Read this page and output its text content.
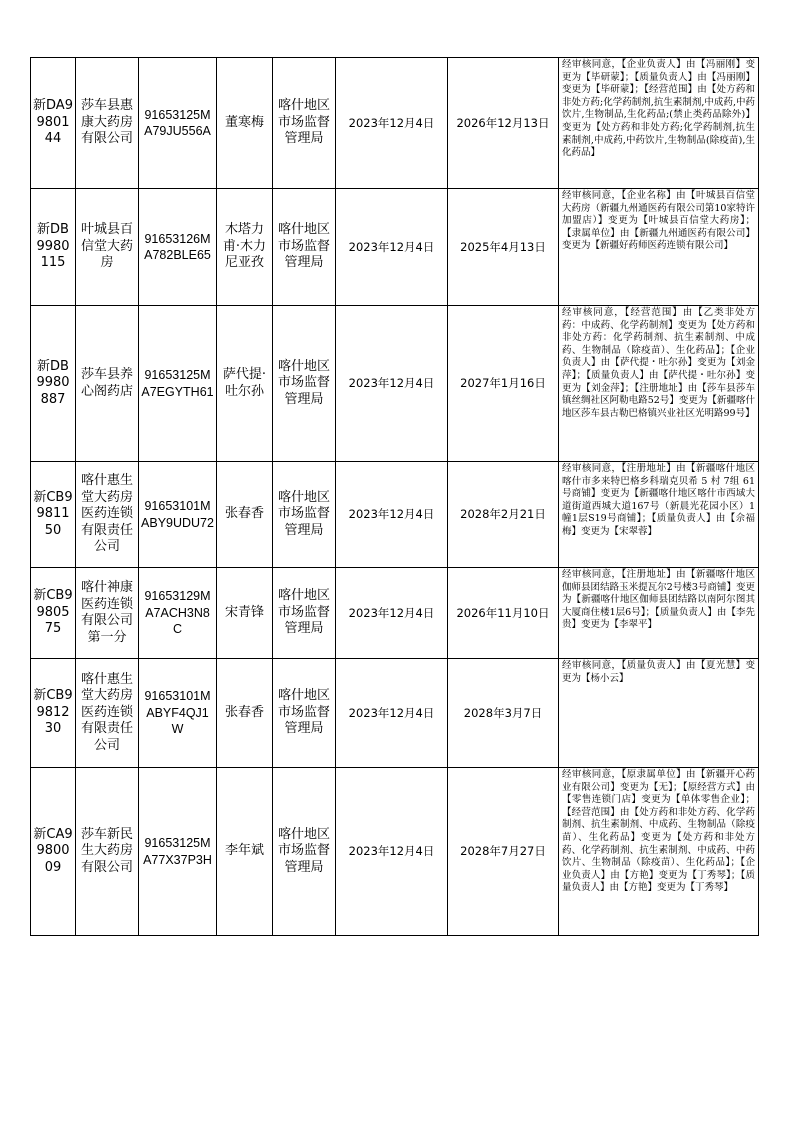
新DA9980144	莎车县惠康大药房有限公司	91653125MA79JU556A	董寒梅	喀什地区市场监督管理局	2023年12月4日	2026年12月13日	经审核同意，【企业负责人】由【冯丽刚】变更为【毕研蒙】；【质量负责人】由【冯丽刚】变更为【毕研蒙】；【经营范围】由【处方药和非处方药;化学药制剂,抗生素制剂,中成药,中药饮片,生物制品,生化药品;(禁止类药品除外)】变更为【处方药和非处方药;化学药制剂,抗生素制剂,中成药,中药饮片,生物制品(除疫苗),生化药品】
新DB9980115	叶城县百信堂大药房	91653126MA782BLE65	木塔力甫·木力尼亚孜	喀什地区市场监督管理局	2023年12月4日	2025年4月13日	经审核同意，【企业名称】由【叶城县百信堂大药房（新疆九州通医药有限公司第10家特许加盟店）】变更为【叶城县百信堂大药房】；【隶属单位】由【新疆九州通医药有限公司】变更为【新疆好药师医药连锁有限公司】
新DB9980887	莎车县养心阁药店	91653125MA7EGYTH61	萨代提·吐尔孙	喀什地区市场监督管理局	2023年12月4日	2027年1月16日	经审核同意，【经营范围】由【乙类非处方药：中成药、化学药制剂】变更为【处方药和非处方药：化学药制剂、抗生素制剂、中成药、生物制品（除疫苗）、生化药品】；【企业负责人】由【萨代提・吐尔孙】变更为【刘金萍】；【质量负责人】由【萨代提・吐尔孙】变更为【刘金萍】；【注册地址】由【莎车县莎车镇丝绸社区阿勒电路52号】变更为【新疆喀什地区莎车县古勒巴格镇兴业社区光明路99号】
新CB9981150	喀什惠生堂大药房医药连锁有限责任公司	91653101MABY9UDU72	张春香	喀什地区市场监督管理局	2023年12月4日	2028年2月21日	经审核同意，【注册地址】由【新疆喀什地区喀什市多来特巴格乡科瑞克贝希 5 村 7组 61 号商铺】变更为【新疆喀什地区喀什市西域大道街道西城大道167号（新晨光花园小区）1幢1层S19号商铺】；【质量负责人】由【佘福梅】变更为【宋翠蓉】
新CB9980575	喀什神康医药连锁有限公司第一分	91653129MA7ACH3N8C	宋青锋	喀什地区市场监督管理局	2023年12月4日	2026年11月10日	经审核同意，【注册地址】由【新疆喀什地区伽师县团结路玉米提瓦尔2号楼3号商铺】变更为【新疆喀什地区伽师县团结路以南阿尔图其大厦商住楼1层6号】；【质量负责人】由【李先贵】变更为【李翠平】
新CB9981230	喀什惠生堂大药房医药连锁有限责任公司	91653101MABYF4QJ1W	张春香	喀什地区市场监督管理局	2023年12月4日	2028年3月7日	经审核同意，【质量负责人】由【夏光慧】变更为【杨小云】
新CA9980009	莎车新民生大药房有限公司	91653125MA77X37P3H	李年斌	喀什地区市场监督管理局	2023年12月4日	2028年7月27日	经审核同意，【原隶属单位】由【新疆开心药业有限公司】变更为【无】；【原经营方式】由【零售连锁门店】变更为【单体零售企业】；【经营范围】由【处方药和非处方药、化学药制剂、抗生素制剂、中成药、生物制品（除疫苗）、生化药品】变更为【处方药和非处方药、化学药制剂、抗生素制剂、中成药、中药饮片、生物制品（除疫苗）、生化药品】；【企业负责人】由【方艳】变更为【丁秀琴】；【质量负责人】由【方艳】变更为【丁秀琴】
